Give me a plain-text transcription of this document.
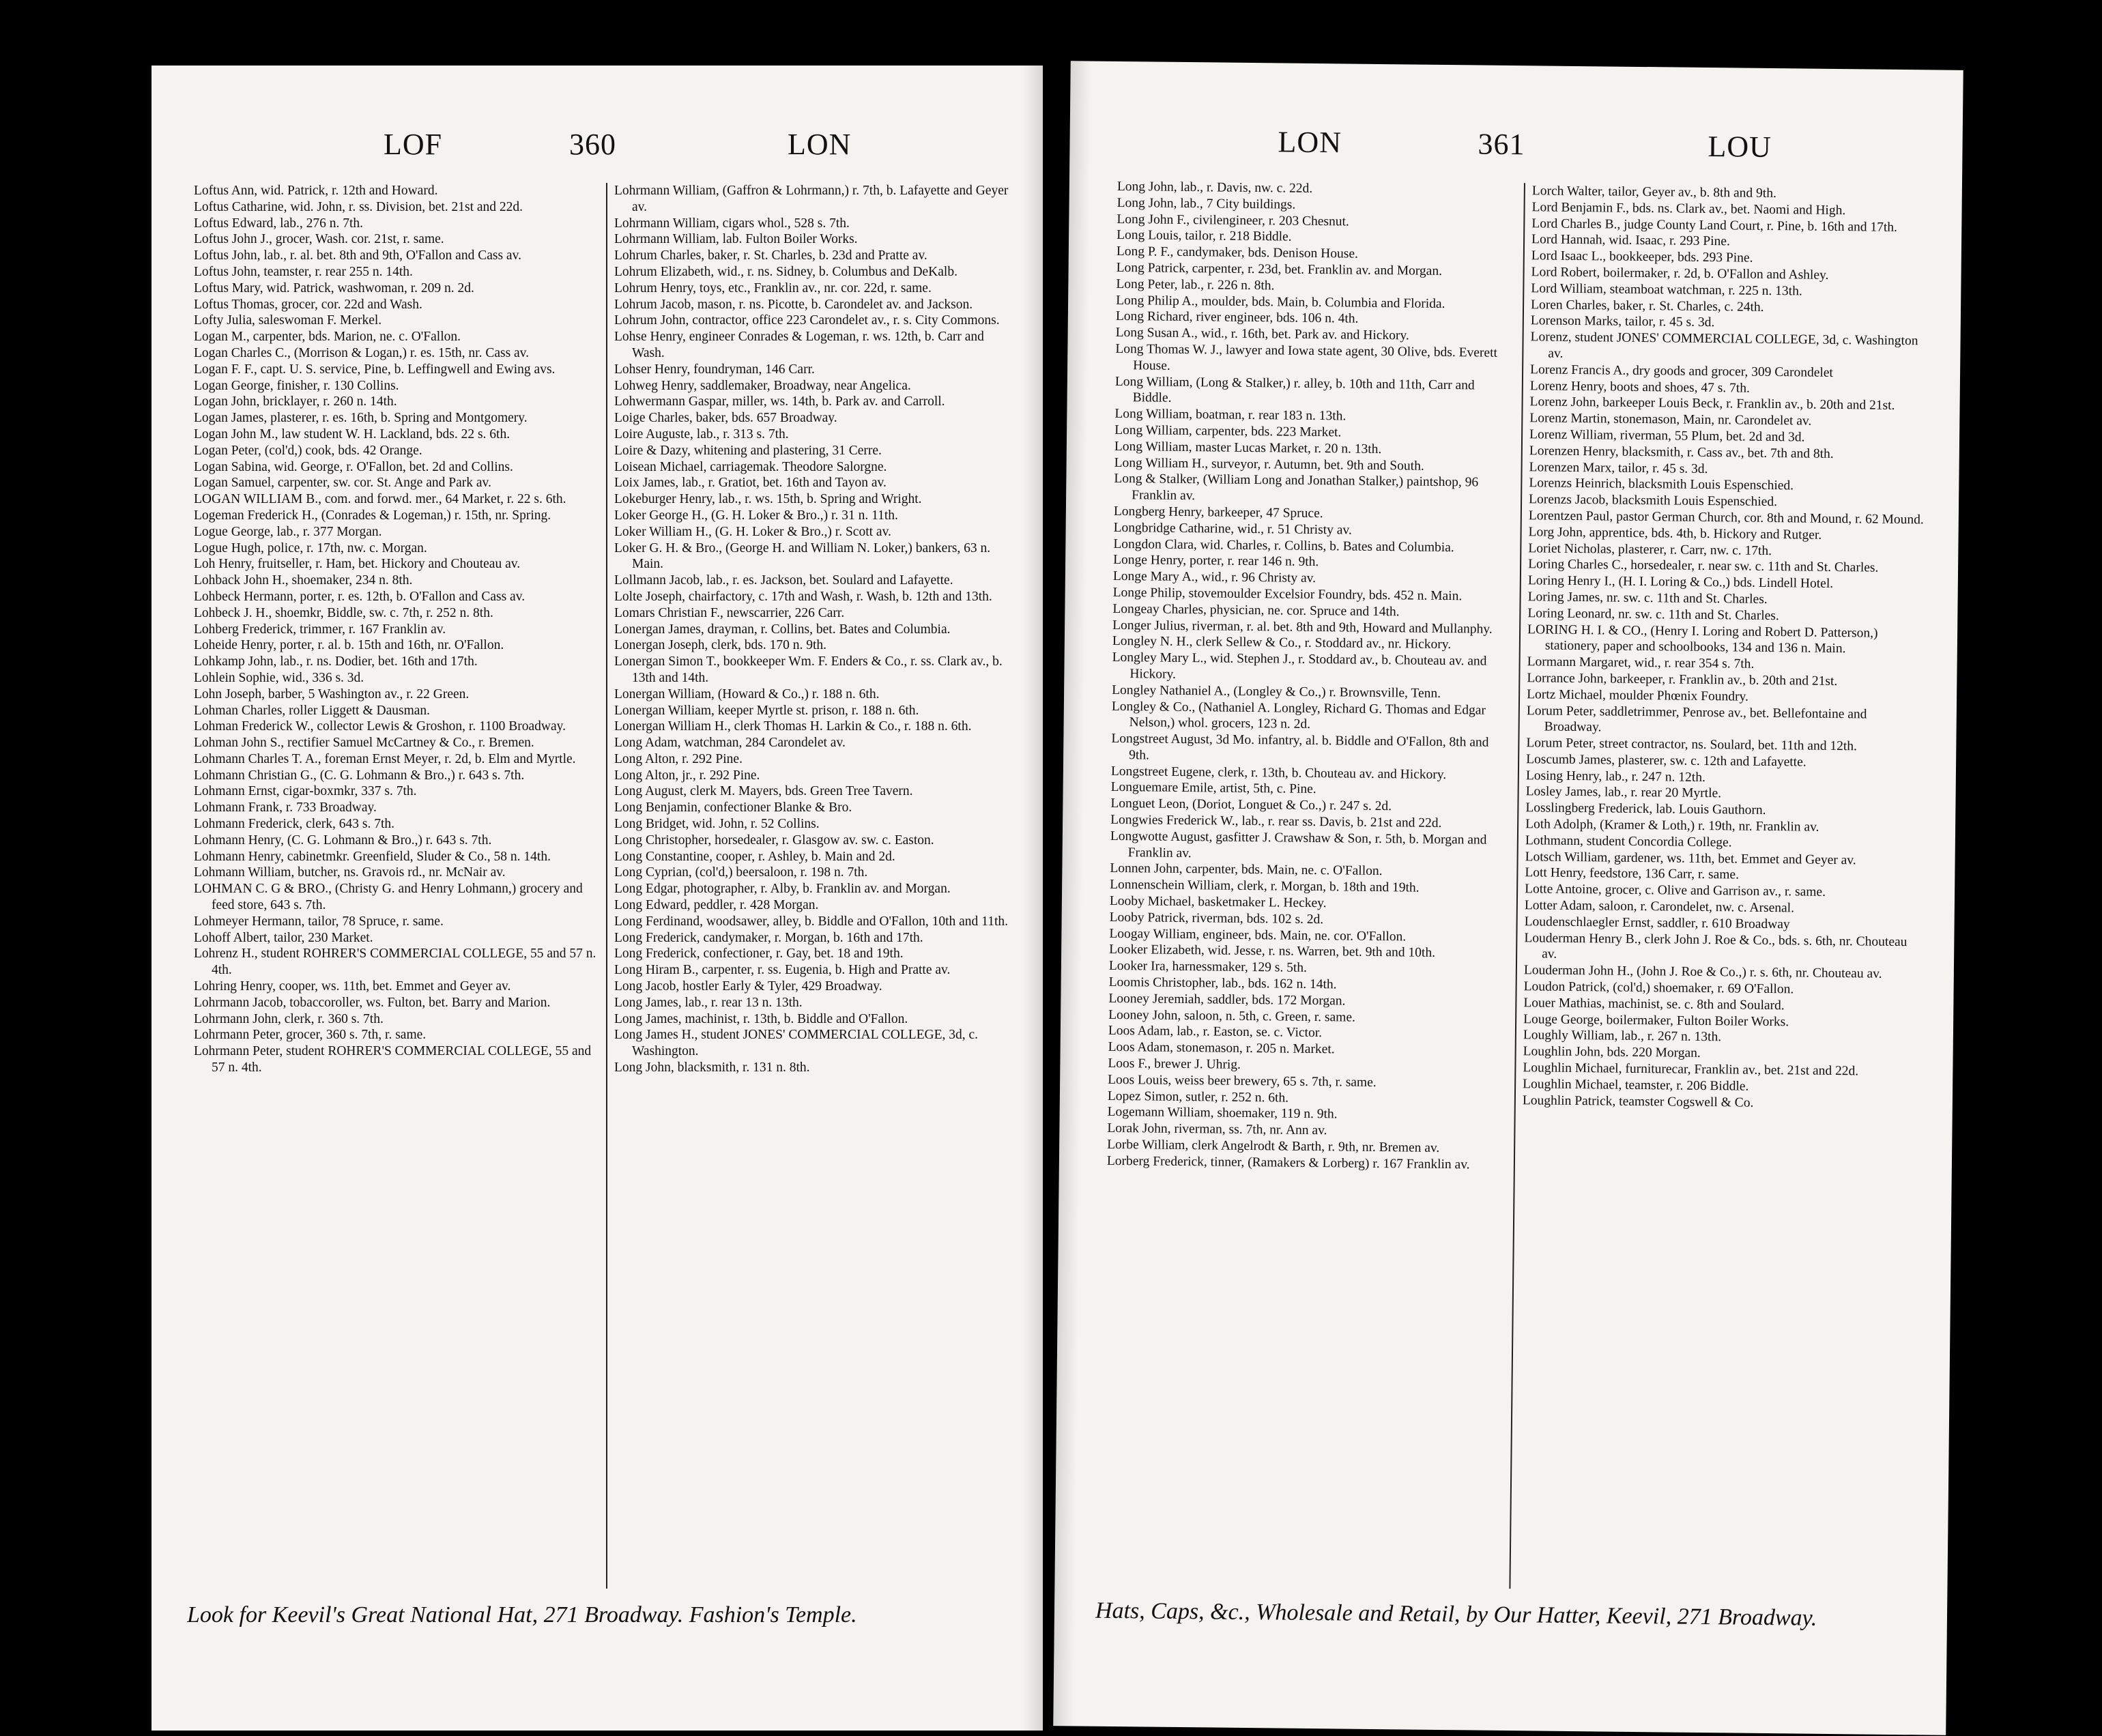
LOF	360	LON

Loftus Ann, wid. Patrick, r. 12th and Howard.

Loftus Catharine, wid. John, r. ss. Division, bet. 21st and 22d.

Loftus Edward, lab., 276 n. 7th.

Loftus John J., grocer, Wash. cor. 21st, r. same.

Loftus John, lab., r. al. bet. 8th and 9th, O'Fallon and Cass av.

Loftus John, teamster, r. rear 255 n. 14th.

Loftus Mary, wid. Patrick, washwoman, r. 209 n. 2d.

Loftus Thomas, grocer, cor. 22d and Wash.

Lofty Julia, saleswoman F. Merkel.

Logan M., carpenter, bds. Marion, ne. c. O'Fallon.

Logan Charles C., (Morrison & Logan,) r. es. 15th, nr. Cass av.

Logan F. F., capt. U. S. service, Pine, b. Leffingwell and Ewing avs.

Logan George, finisher, r. 130 Collins.

Logan John, bricklayer, r. 260 n. 14th.

Logan James, plasterer, r. es. 16th, b. Spring and Montgomery.

Logan John M., law student W. H. Lackland, bds. 22 s. 6th.

Logan Peter, (col'd,) cook, bds. 42 Orange.

Logan Sabina, wid. George, r. O'Fallon, bet. 2d and Collins.

Logan Samuel, carpenter, sw. cor. St. Ange and Park av.

LOGAN WILLIAM B., com. and forwd. mer., 64 Market, r. 22 s. 6th.

Logeman Frederick H., (Conrades & Logeman,) r. 15th, nr. Spring.

Logue George, lab., r. 377 Morgan.

Logue Hugh, police, r. 17th, nw. c. Morgan.

Loh Henry, fruitseller, r. Ham, bet. Hickory and Chouteau av.

Lohback John H., shoemaker, 234 n. 8th.

Lohbeck Hermann, porter, r. es. 12th, b. O'Fallon and Cass av.

Lohbeck J. H., shoemkr, Biddle, sw. c. 7th, r. 252 n. 8th.

Lohberg Frederick, trimmer, r. 167 Franklin av.

Loheide Henry, porter, r. al. b. 15th and 16th, nr. O'Fallon.

Lohkamp John, lab., r. ns. Dodier, bet. 16th and 17th.

Lohlein Sophie, wid., 336 s. 3d.

Lohn Joseph, barber, 5 Washington av., r. 22 Green.

Lohman Charles, roller Liggett & Dausman.

Lohman Frederick W., collector Lewis & Groshon, r. 1100 Broadway.

Lohman John S., rectifier Samuel McCartney & Co., r. Bremen.

Lohmann Charles T. A., foreman Ernst Meyer, r. 2d, b. Elm and Myrtle.

Lohmann Christian G., (C. G. Lohmann & Bro.,) r. 643 s. 7th.

Lohmann Ernst, cigar-boxmkr, 337 s. 7th.

Lohmann Frank, r. 733 Broadway.

Lohmann Frederick, clerk, 643 s. 7th.

Lohmann Henry, (C. G. Lohmann & Bro.,) r. 643 s. 7th.

Lohmann Henry, cabinetmkr. Greenfield, Sluder & Co., 58 n. 14th.

Lohmann William, butcher, ns. Gravois rd., nr. McNair av.

LOHMAN C. G & BRO., (Christy G. and Henry Lohmann,) grocery and feed store, 643 s. 7th.

Lohmeyer Hermann, tailor, 78 Spruce, r. same.

Lohoff Albert, tailor, 230 Market.

Lohrenz H., student ROHRER'S COMMERCIAL COLLEGE, 55 and 57 n. 4th.

Lohring Henry, cooper, ws. 11th, bet. Emmet and Geyer av.

Lohrmann Jacob, tobaccoroller, ws. Fulton, bet. Barry and Marion.

Lohrmann John, clerk, r. 360 s. 7th.

Lohrmann Peter, grocer, 360 s. 7th, r. same.

Lohrmann Peter, student ROHRER'S COMMERCIAL COLLEGE, 55 and 57 n. 4th.

Lohrmann William, (Gaffron & Lohrmann,) r. 7th, b. Lafayette and Geyer av.

Lohrmann William, cigars whol., 528 s. 7th.

Lohrmann William, lab. Fulton Boiler Works.

Lohrum Charles, baker, r. St. Charles, b. 23d and Pratte av.

Lohrum Elizabeth, wid., r. ns. Sidney, b. Columbus and DeKalb.

Lohrum Henry, toys, etc., Franklin av., nr. cor. 22d, r. same.

Lohrum Jacob, mason, r. ns. Picotte, b. Carondelet av. and Jackson.

Lohrum John, contractor, office 223 Carondelet av., r. s. City Commons.

Lohse Henry, engineer Conrades & Logeman, r. ws. 12th, b. Carr and Wash.

Lohser Henry, foundryman, 146 Carr.

Lohweg Henry, saddlemaker, Broadway, near Angelica.

Lohwermann Gaspar, miller, ws. 14th, b. Park av. and Carroll.

Loige Charles, baker, bds. 657 Broadway.

Loire Auguste, lab., r. 313 s. 7th.

Loire & Dazy, whitening and plastering, 31 Cerre.

Loisean Michael, carriagemak. Theodore Salorgne.

Loix James, lab., r. Gratiot, bet. 16th and Tayon av.

Lokeburger Henry, lab., r. ws. 15th, b. Spring and Wright.

Loker George H., (G. H. Loker & Bro.,) r. 31 n. 11th.

Loker William H., (G. H. Loker & Bro.,) r. Scott av.

Loker G. H. & Bro., (George H. and William N. Loker,) bankers, 63 n. Main.

Lollmann Jacob, lab., r. es. Jackson, bet. Soulard and Lafayette.

Lolte Joseph, chairfactory, c. 17th and Wash, r. Wash, b. 12th and 13th.

Lomars Christian F., newscarrier, 226 Carr.

Lonergan James, drayman, r. Collins, bet. Bates and Columbia.

Lonergan Joseph, clerk, bds. 170 n. 9th.

Lonergan Simon T., bookkeeper Wm. F. Enders & Co., r. ss. Clark av., b. 13th and 14th.

Lonergan William, (Howard & Co.,) r. 188 n. 6th.

Lonergan William, keeper Myrtle st. prison, r. 188 n. 6th.

Lonergan William H., clerk Thomas H. Larkin & Co., r. 188 n. 6th.

Long Adam, watchman, 284 Carondelet av.

Long Alton, r. 292 Pine.

Long Alton, jr., r. 292 Pine.

Long August, clerk M. Mayers, bds. Green Tree Tavern.

Long Benjamin, confectioner Blanke & Bro.

Long Bridget, wid. John, r. 52 Collins.

Long Christopher, horsedealer, r. Glasgow av. sw. c. Easton.

Long Constantine, cooper, r. Ashley, b. Main and 2d.

Long Cyprian, (col'd,) beersaloon, r. 198 n. 7th.

Long Edgar, photographer, r. Alby, b. Franklin av. and Morgan.

Long Edward, peddler, r. 428 Morgan.

Long Ferdinand, woodsawer, alley, b. Biddle and O'Fallon, 10th and 11th.

Long Frederick, candymaker, r. Morgan, b. 16th and 17th.

Long Frederick, confectioner, r. Gay, bet. 18 and 19th.

Long Hiram B., carpenter, r. ss. Eugenia, b. High and Pratte av.

Long Jacob, hostler Early & Tyler, 429 Broadway.

Long James, lab., r. rear 13 n. 13th.

Long James, machinist, r. 13th, b. Biddle and O'Fallon.

Long James H., student JONES' COMMERCIAL COLLEGE, 3d, c. Washington.

Long John, blacksmith, r. 131 n. 8th.

Look for Keevil's Great National Hat, 271 Broadway. Fashion's Temple.
LON	361	LOU

Long John, lab., r. Davis, nw. c. 22d.

Long John, lab., 7 City buildings.

Long John F., civilengineer, r. 203 Chesnut.

Long Louis, tailor, r. 218 Biddle.

Long P. F., candymaker, bds. Denison House.

Long Patrick, carpenter, r. 23d, bet. Franklin av. and Morgan.

Long Peter, lab., r. 226 n. 8th.

Long Philip A., moulder, bds. Main, b. Columbia and Florida.

Long Richard, river engineer, bds. 106 n. 4th.

Long Susan A., wid., r. 16th, bet. Park av. and Hickory.

Long Thomas W. J., lawyer and Iowa state agent, 30 Olive, bds. Everett House.

Long William, (Long & Stalker,) r. alley, b. 10th and 11th, Carr and Biddle.

Long William, boatman, r. rear 183 n. 13th.

Long William, carpenter, bds. 223 Market.

Long William, master Lucas Market, r. 20 n. 13th.

Long William H., surveyor, r. Autumn, bet. 9th and South.

Long & Stalker, (William Long and Jonathan Stalker,) paintshop, 96 Franklin av.

Longberg Henry, barkeeper, 47 Spruce.

Longbridge Catharine, wid., r. 51 Christy av.

Longdon Clara, wid. Charles, r. Collins, b. Bates and Columbia.

Longe Henry, porter, r. rear 146 n. 9th.

Longe Mary A., wid., r. 96 Christy av.

Longe Philip, stovemoulder Excelsior Foundry, bds. 452 n. Main.

Longeay Charles, physician, ne. cor. Spruce and 14th.

Longer Julius, riverman, r. al. bet. 8th and 9th, Howard and Mullanphy.

Longley N. H., clerk Sellew & Co., r. Stoddard av., nr. Hickory.

Longley Mary L., wid. Stephen J., r. Stoddard av., b. Chouteau av. and Hickory.

Longley Nathaniel A., (Longley & Co.,) r. Brownsville, Tenn.

Longley & Co., (Nathaniel A. Longley, Richard G. Thomas and Edgar Nelson,) whol. grocers, 123 n. 2d.

Longstreet August, 3d Mo. infantry, al. b. Biddle and O'Fallon, 8th and 9th.

Longstreet Eugene, clerk, r. 13th, b. Chouteau av. and Hickory.

Longuemare Emile, artist, 5th, c. Pine.

Longuet Leon, (Doriot, Longuet & Co.,) r. 247 s. 2d.

Longwies Frederick W., lab., r. rear ss. Davis, b. 21st and 22d.

Longwotte August, gasfitter J. Crawshaw & Son, r. 5th, b. Morgan and Franklin av.

Lonnen John, carpenter, bds. Main, ne. c. O'Fallon.

Lonnenschein William, clerk, r. Morgan, b. 18th and 19th.

Looby Michael, basketmaker L. Heckey.

Looby Patrick, riverman, bds. 102 s. 2d.

Loogay William, engineer, bds. Main, ne. cor. O'Fallon.

Looker Elizabeth, wid. Jesse, r. ns. Warren, bet. 9th and 10th.

Looker Ira, harnessmaker, 129 s. 5th.

Loomis Christopher, lab., bds. 162 n. 14th.

Looney Jeremiah, saddler, bds. 172 Morgan.

Looney John, saloon, n. 5th, c. Green, r. same.

Loos Adam, lab., r. Easton, se. c. Victor.

Loos Adam, stonemason, r. 205 n. Market.

Loos F., brewer J. Uhrig.

Loos Louis, weiss beer brewery, 65 s. 7th, r. same.

Lopez Simon, sutler, r. 252 n. 6th.

Logemann William, shoemaker, 119 n. 9th.

Lorak John, riverman, ss. 7th, nr. Ann av.

Lorbe William, clerk Angelrodt & Barth, r. 9th, nr. Bremen av.

Lorberg Frederick, tinner, (Ramakers & Lorberg) r. 167 Franklin av.

Lorch Walter, tailor, Geyer av., b. 8th and 9th.

Lord Benjamin F., bds. ns. Clark av., bet. Naomi and High.

Lord Charles B., judge County Land Court, r. Pine, b. 16th and 17th.

Lord Hannah, wid. Isaac, r. 293 Pine.

Lord Isaac L., bookkeeper, bds. 293 Pine.

Lord Robert, boilermaker, r. 2d, b. O'Fallon and Ashley.

Lord William, steamboat watchman, r. 225 n. 13th.

Loren Charles, baker, r. St. Charles, c. 24th.

Lorenson Marks, tailor, r. 45 s. 3d.

Lorenz, student JONES' COMMERCIAL COLLEGE, 3d, c. Washington av.

Lorenz Francis A., dry goods and grocer, 309 Carondelet

Lorenz Henry, boots and shoes, 47 s. 7th.

Lorenz John, barkeeper Louis Beck, r. Franklin av., b. 20th and 21st.

Lorenz Martin, stonemason, Main, nr. Carondelet av.

Lorenz William, riverman, 55 Plum, bet. 2d and 3d.

Lorenzen Henry, blacksmith, r. Cass av., bet. 7th and 8th.

Lorenzen Marx, tailor, r. 45 s. 3d.

Lorenzs Heinrich, blacksmith Louis Espenschied.

Lorenzs Jacob, blacksmith Louis Espenschied.

Lorentzen Paul, pastor German Church, cor. 8th and Mound, r. 62 Mound.

Lorg John, apprentice, bds. 4th, b. Hickory and Rutger.

Loriet Nicholas, plasterer, r. Carr, nw. c. 17th.

Loring Charles C., horsedealer, r. near sw. c. 11th and St. Charles.

Loring Henry I., (H. I. Loring & Co.,) bds. Lindell Hotel.

Loring James, nr. sw. c. 11th and St. Charles.

Loring Leonard, nr. sw. c. 11th and St. Charles.

LORING H. I. & CO., (Henry I. Loring and Robert D. Patterson,) stationery, paper and schoolbooks, 134 and 136 n. Main.

Lormann Margaret, wid., r. rear 354 s. 7th.

Lorrance John, barkeeper, r. Franklin av., b. 20th and 21st.

Lortz Michael, moulder Phœnix Foundry.

Lorum Peter, saddletrimmer, Penrose av., bet. Bellefontaine and Broadway.

Lorum Peter, street contractor, ns. Soulard, bet. 11th and 12th.

Loscumb James, plasterer, sw. c. 12th and Lafayette.

Losing Henry, lab., r. 247 n. 12th.

Losley James, lab., r. rear 20 Myrtle.

Losslingberg Frederick, lab. Louis Gauthorn.

Loth Adolph, (Kramer & Loth,) r. 19th, nr. Franklin av.

Lothmann, student Concordia College.

Lotsch William, gardener, ws. 11th, bet. Emmet and Geyer av.

Lott Henry, feedstore, 136 Carr, r. same.

Lotte Antoine, grocer, c. Olive and Garrison av., r. same.

Lotter Adam, saloon, r. Carondelet, nw. c. Arsenal.

Loudenschlaegler Ernst, saddler, r. 610 Broadway

Louderman Henry B., clerk John J. Roe & Co., bds. s. 6th, nr. Chouteau av.

Louderman John H., (John J. Roe & Co.,) r. s. 6th, nr. Chouteau av.

Loudon Patrick, (col'd,) shoemaker, r. 69 O'Fallon.

Louer Mathias, machinist, se. c. 8th and Soulard.

Louge George, boilermaker, Fulton Boiler Works.

Loughly William, lab., r. 267 n. 13th.

Loughlin John, bds. 220 Morgan.

Loughlin Michael, furniturecar, Franklin av., bet. 21st and 22d.

Loughlin Michael, teamster, r. 206 Biddle.

Loughlin Patrick, teamster Cogswell & Co.

Hats, Caps, &c., Wholesale and Retail, by Our Hatter, Keevil, 271 Broadway.
